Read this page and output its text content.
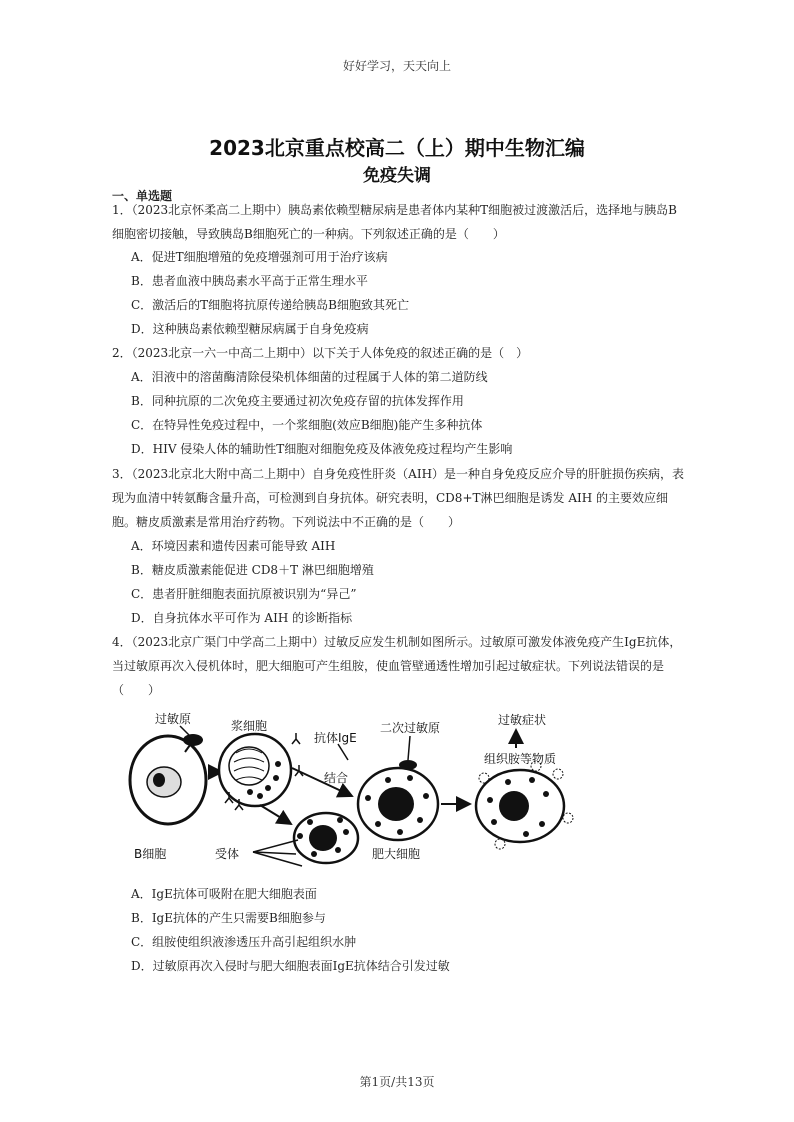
好好学习，天天向上
2023北京重点校高二（上）期中生物汇编
免疫失调
一、单选题
1．（2023北京怀柔高二上期中）胰岛素依赖型糖尿病是患者体内某种T细胞被过渡激活后，选择地与胰岛B细胞密切接触，导致胰岛B细胞死亡的一种病。下列叙述正确的是（　　）
A．促进T细胞增殖的免疫增强剂可用于治疗该病
B．患者血液中胰岛素水平高于正常生理水平
C．激活后的T细胞将抗原传递给胰岛B细胞致其死亡
D．这种胰岛素依赖型糖尿病属于自身免疫病
2．（2023北京一六一中高二上期中）以下关于人体免疫的叙述正确的是（　）
A．泪液中的溶菌酶清除侵染机体细菌的过程属于人体的第二道防线
B．同种抗原的二次免疫主要通过初次免疫存留的抗体发挥作用
C．在特异性免疫过程中，一个浆细胞(效应B细胞)能产生多种抗体
D．HIV 侵染人体的辅助性T细胞对细胞免疫及体液免疫过程均产生影响
3．（2023北京北大附中高二上期中）自身免疫性肝炎（AIH）是一种自身免疫反应介导的肝脏损伤疾病，表现为血清中转氨酶含量升高，可检测到自身抗体。研究表明，CD8+T淋巴细胞是诱发 AIH 的主要效应细胞。糖皮质激素是常用治疗药物。下列说法中不正确的是（　　）
A．环境因素和遗传因素可能导致 AIH
B．糖皮质激素能促进 CD8＋T 淋巴细胞增殖
C．患者肝脏细胞表面抗原被识别为“异己”
D．自身抗体水平可作为 AIH 的诊断指标
4．（2023北京广渠门中学高二上期中）过敏反应发生机制如图所示。过敏原可激发体液免疫产生IgE抗体，当过敏原再次入侵机体时，肥大细胞可产生组胺，使血管壁通透性增加引起过敏症状。下列说法错误的是（　　）
过敏原	浆细胞
B细胞
抗体IgE
结合
二次过敏原
过敏症状
组织胺等物质
受体	肥大细胞
A．IgE抗体可吸附在肥大细胞表面
B．IgE抗体的产生只需要B细胞参与
C．组胺使组织液渗透压升高引起组织水肿
D．过敏原再次入侵时与肥大细胞表面IgE抗体结合引发过敏
第1页/共13页
